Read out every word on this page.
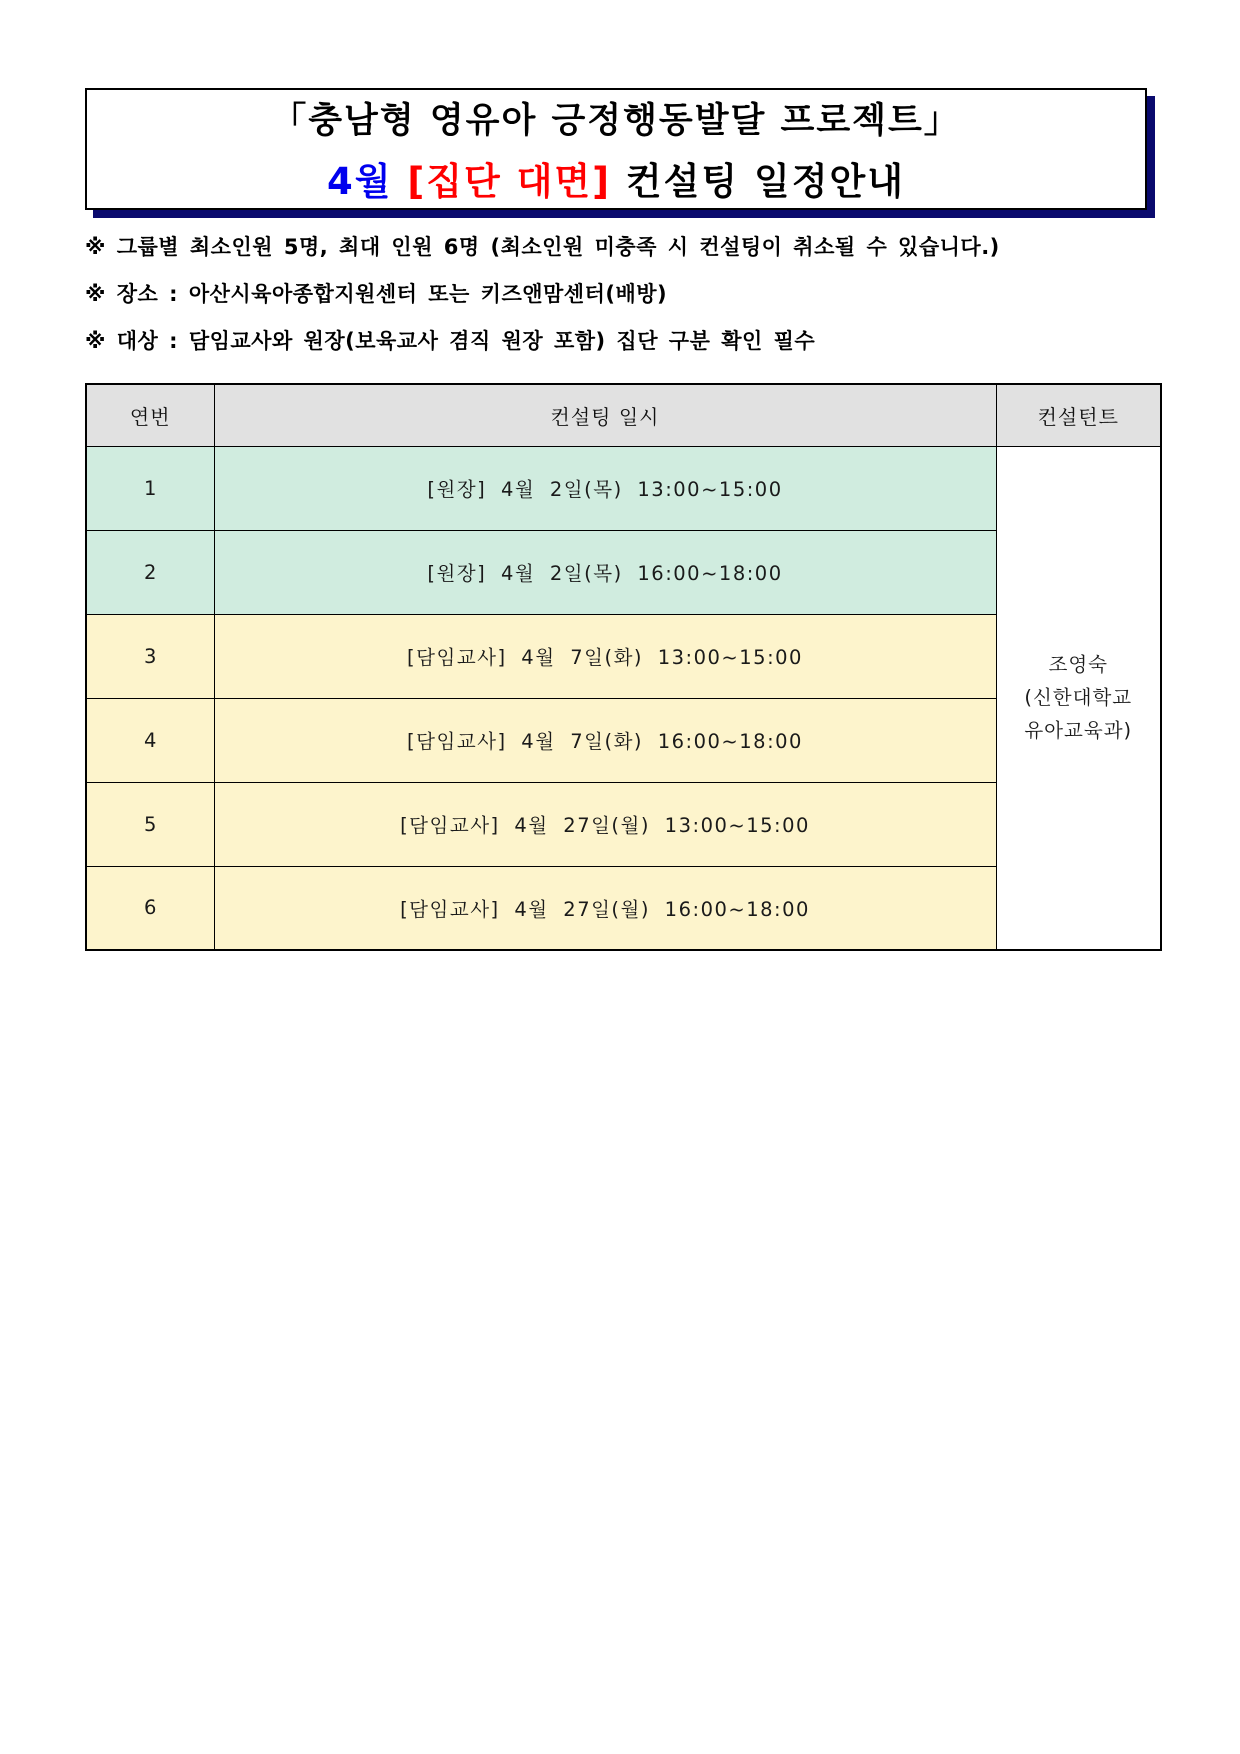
「충남형 영유아 긍정행동발달 프로젝트」
4월 [집단 대면] 컨설팅 일정안내
※ 그룹별 최소인원 5명, 최대 인원 6명 (최소인원 미충족 시 컨설팅이 취소될 수 있습니다.)
※ 장소 : 아산시육아종합지원센터 또는 키즈앤맘센터(배방)
※ 대상 : 담임교사와 원장(보육교사 겸직 원장 포함) 집단 구분 확인 필수
연번	컨설팅 일시	컨설턴트
1	[원장] 4월 2일(목) 13:00~15:00	조영숙
(신한대학교
유아교육과)

2	[원장] 4월 2일(목) 16:00~18:00	
3	[담임교사] 4월 7일(화) 13:00~15:00	
4	[담임교사] 4월 7일(화) 16:00~18:00	
5	[담임교사] 4월 27일(월) 13:00~15:00	
6	[담임교사] 4월 27일(월) 16:00~18:00	
